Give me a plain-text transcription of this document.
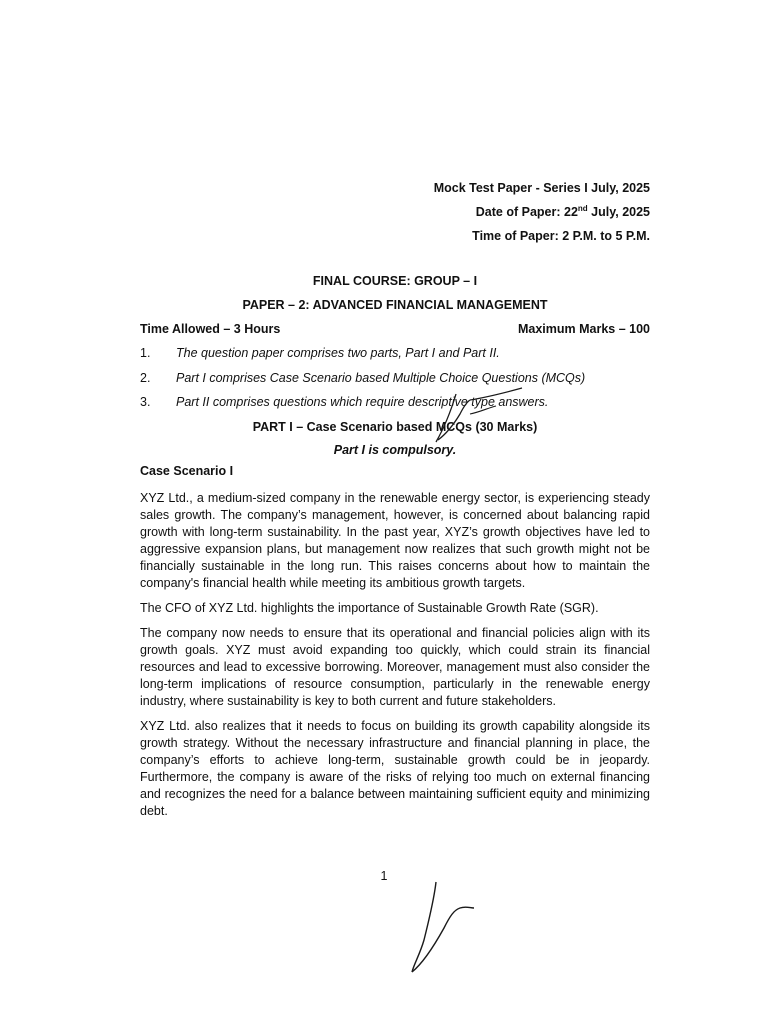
Mock Test Paper - Series I July, 2025
Date of Paper: 22nd July, 2025
Time of Paper: 2 P.M. to 5 P.M.
FINAL COURSE: GROUP – I
PAPER – 2: ADVANCED FINANCIAL MANAGEMENT
Time Allowed – 3 Hours	Maximum Marks – 100
1.	The question paper comprises two parts, Part I and Part II.
2.	Part I comprises Case Scenario based Multiple Choice Questions (MCQs)
3.	Part II comprises questions which require descriptive type answers.
PART I – Case Scenario based MCQs (30 Marks)
Part I is compulsory.
Case Scenario I

XYZ Ltd., a medium-sized company in the renewable energy sector, is experiencing steady sales growth. The company’s management, however, is concerned about balancing rapid growth with long-term sustainability. In the past year, XYZ’s growth objectives have led to aggressive expansion plans, but management now realizes that such growth might not be financially sustainable in the long run. This raises concerns about how to maintain the company's financial health while meeting its ambitious growth targets.

The CFO of XYZ Ltd. highlights the importance of Sustainable Growth Rate (SGR).

The company now needs to ensure that its operational and financial policies align with its growth goals. XYZ must avoid expanding too quickly, which could strain its financial resources and lead to excessive borrowing. Moreover, management must also consider the long-term implications of resource consumption, particularly in the renewable energy industry, where sustainability is key to both current and future stakeholders.

XYZ Ltd. also realizes that it needs to focus on building its growth capability alongside its growth strategy. Without the necessary infrastructure and financial planning in place, the company’s efforts to achieve long-term, sustainable growth could be in jeopardy. Furthermore, the company is aware of the risks of relying too much on external financing and recognizes the need for a balance between maintaining sufficient equity and minimizing debt.

1
